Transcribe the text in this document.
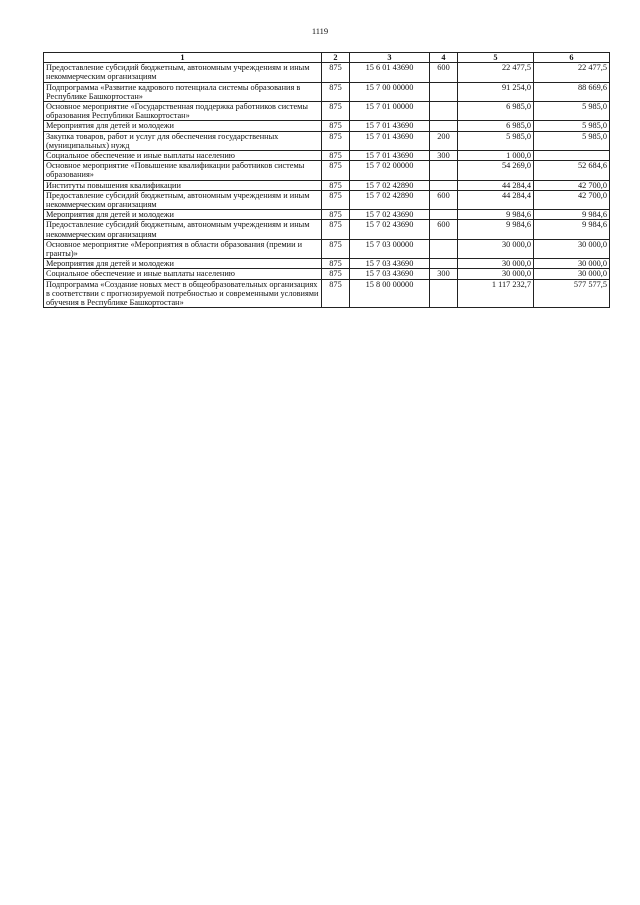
1119
1	2	3	4	5	6
Предоставление субсидий бюджетным, автономным учреждениям и иным некоммерческим организациям	875	15 6 01 43690	600	22 477,5	22 477,5
Подпрограмма «Развитие кадрового потенциала системы образования в Республике Башкортостан»	875	15 7 00 00000		91 254,0	88 669,6
Основное мероприятие «Государственная поддержка работников системы образования Республики Башкортостан»	875	15 7 01 00000		6 985,0	5 985,0
Мероприятия для детей и молодежи	875	15 7 01 43690		6 985,0	5 985,0
Закупка товаров, работ и услуг для обеспечения государственных (муниципальных) нужд	875	15 7 01 43690	200	5 985,0	5 985,0
Социальное обеспечение и иные выплаты населению	875	15 7 01 43690	300	1 000,0	
Основное мероприятие «Повышение квалификации работников системы образования»	875	15 7 02 00000		54 269,0	52 684,6
Институты повышения квалификации	875	15 7 02 42890		44 284,4	42 700,0
Предоставление субсидий бюджетным, автономным учреждениям и иным некоммерческим организациям	875	15 7 02 42890	600	44 284,4	42 700,0
Мероприятия для детей и молодежи	875	15 7 02 43690		9 984,6	9 984,6
Предоставление субсидий бюджетным, автономным учреждениям и иным некоммерческим организациям	875	15 7 02 43690	600	9 984,6	9 984,6
Основное мероприятие «Мероприятия в области образования (премии и гранты)»	875	15 7 03 00000		30 000,0	30 000,0
Мероприятия для детей и молодежи	875	15 7 03 43690		30 000,0	30 000,0
Социальное обеспечение и иные выплаты населению	875	15 7 03 43690	300	30 000,0	30 000,0
Подпрограмма «Создание новых мест в общеобразовательных организациях в соответствии с прогнозируемой потребностью и современными условиями обучения в Республике Башкортостан»	875	15 8 00 00000		1 117 232,7	577 577,5
